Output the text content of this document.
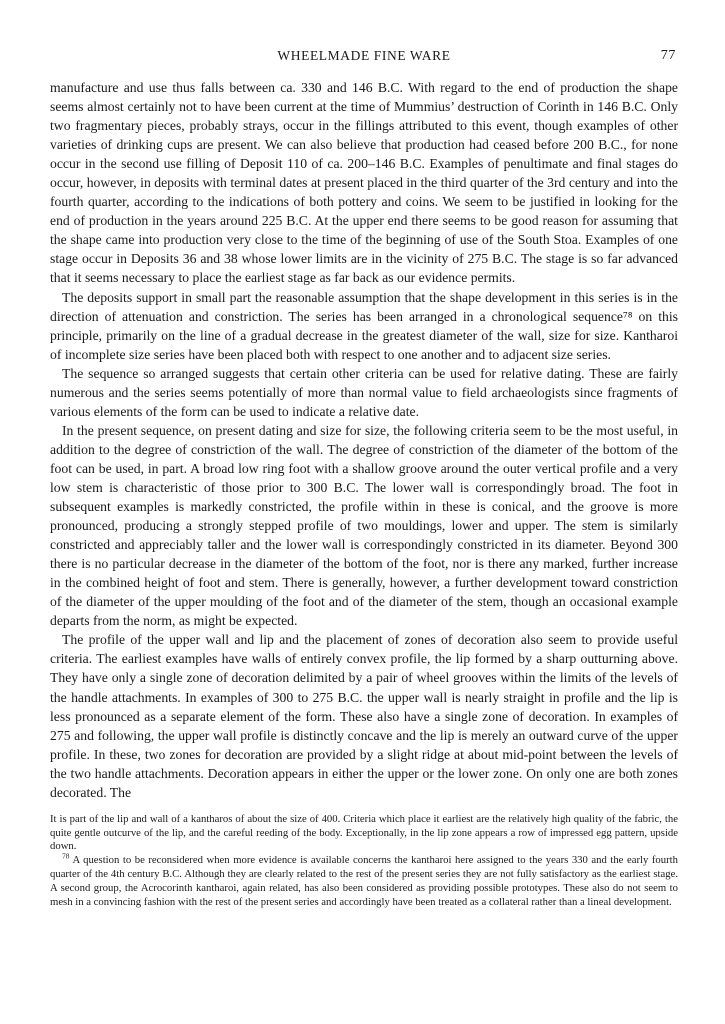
WHEELMADE FINE WARE	77

manufacture and use thus falls between ca. 330 and 146 B.C. With regard to the end of production the shape seems almost certainly not to have been current at the time of Mummius’ destruction of Corinth in 146 B.C. Only two fragmentary pieces, probably strays, occur in the fillings attributed to this event, though examples of other varieties of drinking cups are present. We can also believe that production had ceased before 200 B.C., for none occur in the second use filling of Deposit 110 of ca. 200–146 B.C. Examples of penultimate and final stages do occur, however, in deposits with terminal dates at present placed in the third quarter of the 3rd century and into the fourth quarter, according to the indications of both pottery and coins. We seem to be justified in looking for the end of production in the years around 225 B.C. At the upper end there seems to be good reason for assuming that the shape came into production very close to the time of the beginning of use of the South Stoa. Examples of one stage occur in Deposits 36 and 38 whose lower limits are in the vicinity of 275 B.C. The stage is so far advanced that it seems necessary to place the earliest stage as far back as our evidence permits.

The deposits support in small part the reasonable assumption that the shape development in this series is in the direction of attenuation and constriction. The series has been arranged in a chronological sequence⁷⁸ on this principle, primarily on the line of a gradual decrease in the greatest diameter of the wall, size for size. Kantharoi of incomplete size series have been placed both with respect to one another and to adjacent size series.

The sequence so arranged suggests that certain other criteria can be used for relative dating. These are fairly numerous and the series seems potentially of more than normal value to field archaeologists since fragments of various elements of the form can be used to indicate a relative date.

In the present sequence, on present dating and size for size, the following criteria seem to be the most useful, in addition to the degree of constriction of the wall. The degree of constriction of the diameter of the bottom of the foot can be used, in part. A broad low ring foot with a shallow groove around the outer vertical profile and a very low stem is characteristic of those prior to 300 B.C. The lower wall is correspondingly broad. The foot in subsequent examples is markedly constricted, the profile within in these is conical, and the groove is more pronounced, producing a strongly stepped profile of two mouldings, lower and upper. The stem is similarly constricted and appreciably taller and the lower wall is correspondingly constricted in its diameter. Beyond 300 there is no particular decrease in the diameter of the bottom of the foot, nor is there any marked, further increase in the combined height of foot and stem. There is generally, however, a further development toward constriction of the diameter of the upper moulding of the foot and of the diameter of the stem, though an occasional example departs from the norm, as might be expected.

The profile of the upper wall and lip and the placement of zones of decoration also seem to provide useful criteria. The earliest examples have walls of entirely convex profile, the lip formed by a sharp outturning above. They have only a single zone of decoration delimited by a pair of wheel grooves within the limits of the levels of the handle attachments. In examples of 300 to 275 B.C. the upper wall is nearly straight in profile and the lip is less pronounced as a separate element of the form. These also have a single zone of decoration. In examples of 275 and following, the upper wall profile is distinctly concave and the lip is merely an outward curve of the upper profile. In these, two zones for decoration are provided by a slight ridge at about mid-point between the levels of the two handle attachments. Decoration appears in either the upper or the lower zone. On only one are both zones decorated. The

It is part of the lip and wall of a kantharos of about the size of 400. Criteria which place it earliest are the relatively high quality of the fabric, the quite gentle outcurve of the lip, and the careful reeding of the body. Exceptionally, in the lip zone appears a row of impressed egg pattern, upside down.

$^{78}$ A question to be reconsidered when more evidence is available concerns the kantharoi here assigned to the years 330 and the early fourth quarter of the 4th century B.C. Although they are clearly related to the rest of the present series they are not fully satisfactory as the earliest stage. A second group, the Acrocorinth kantharoi, again related, has also been considered as providing possible prototypes. These also do not seem to mesh in a convincing fashion with the rest of the present series and accordingly have been treated as a collateral rather than a lineal development.
